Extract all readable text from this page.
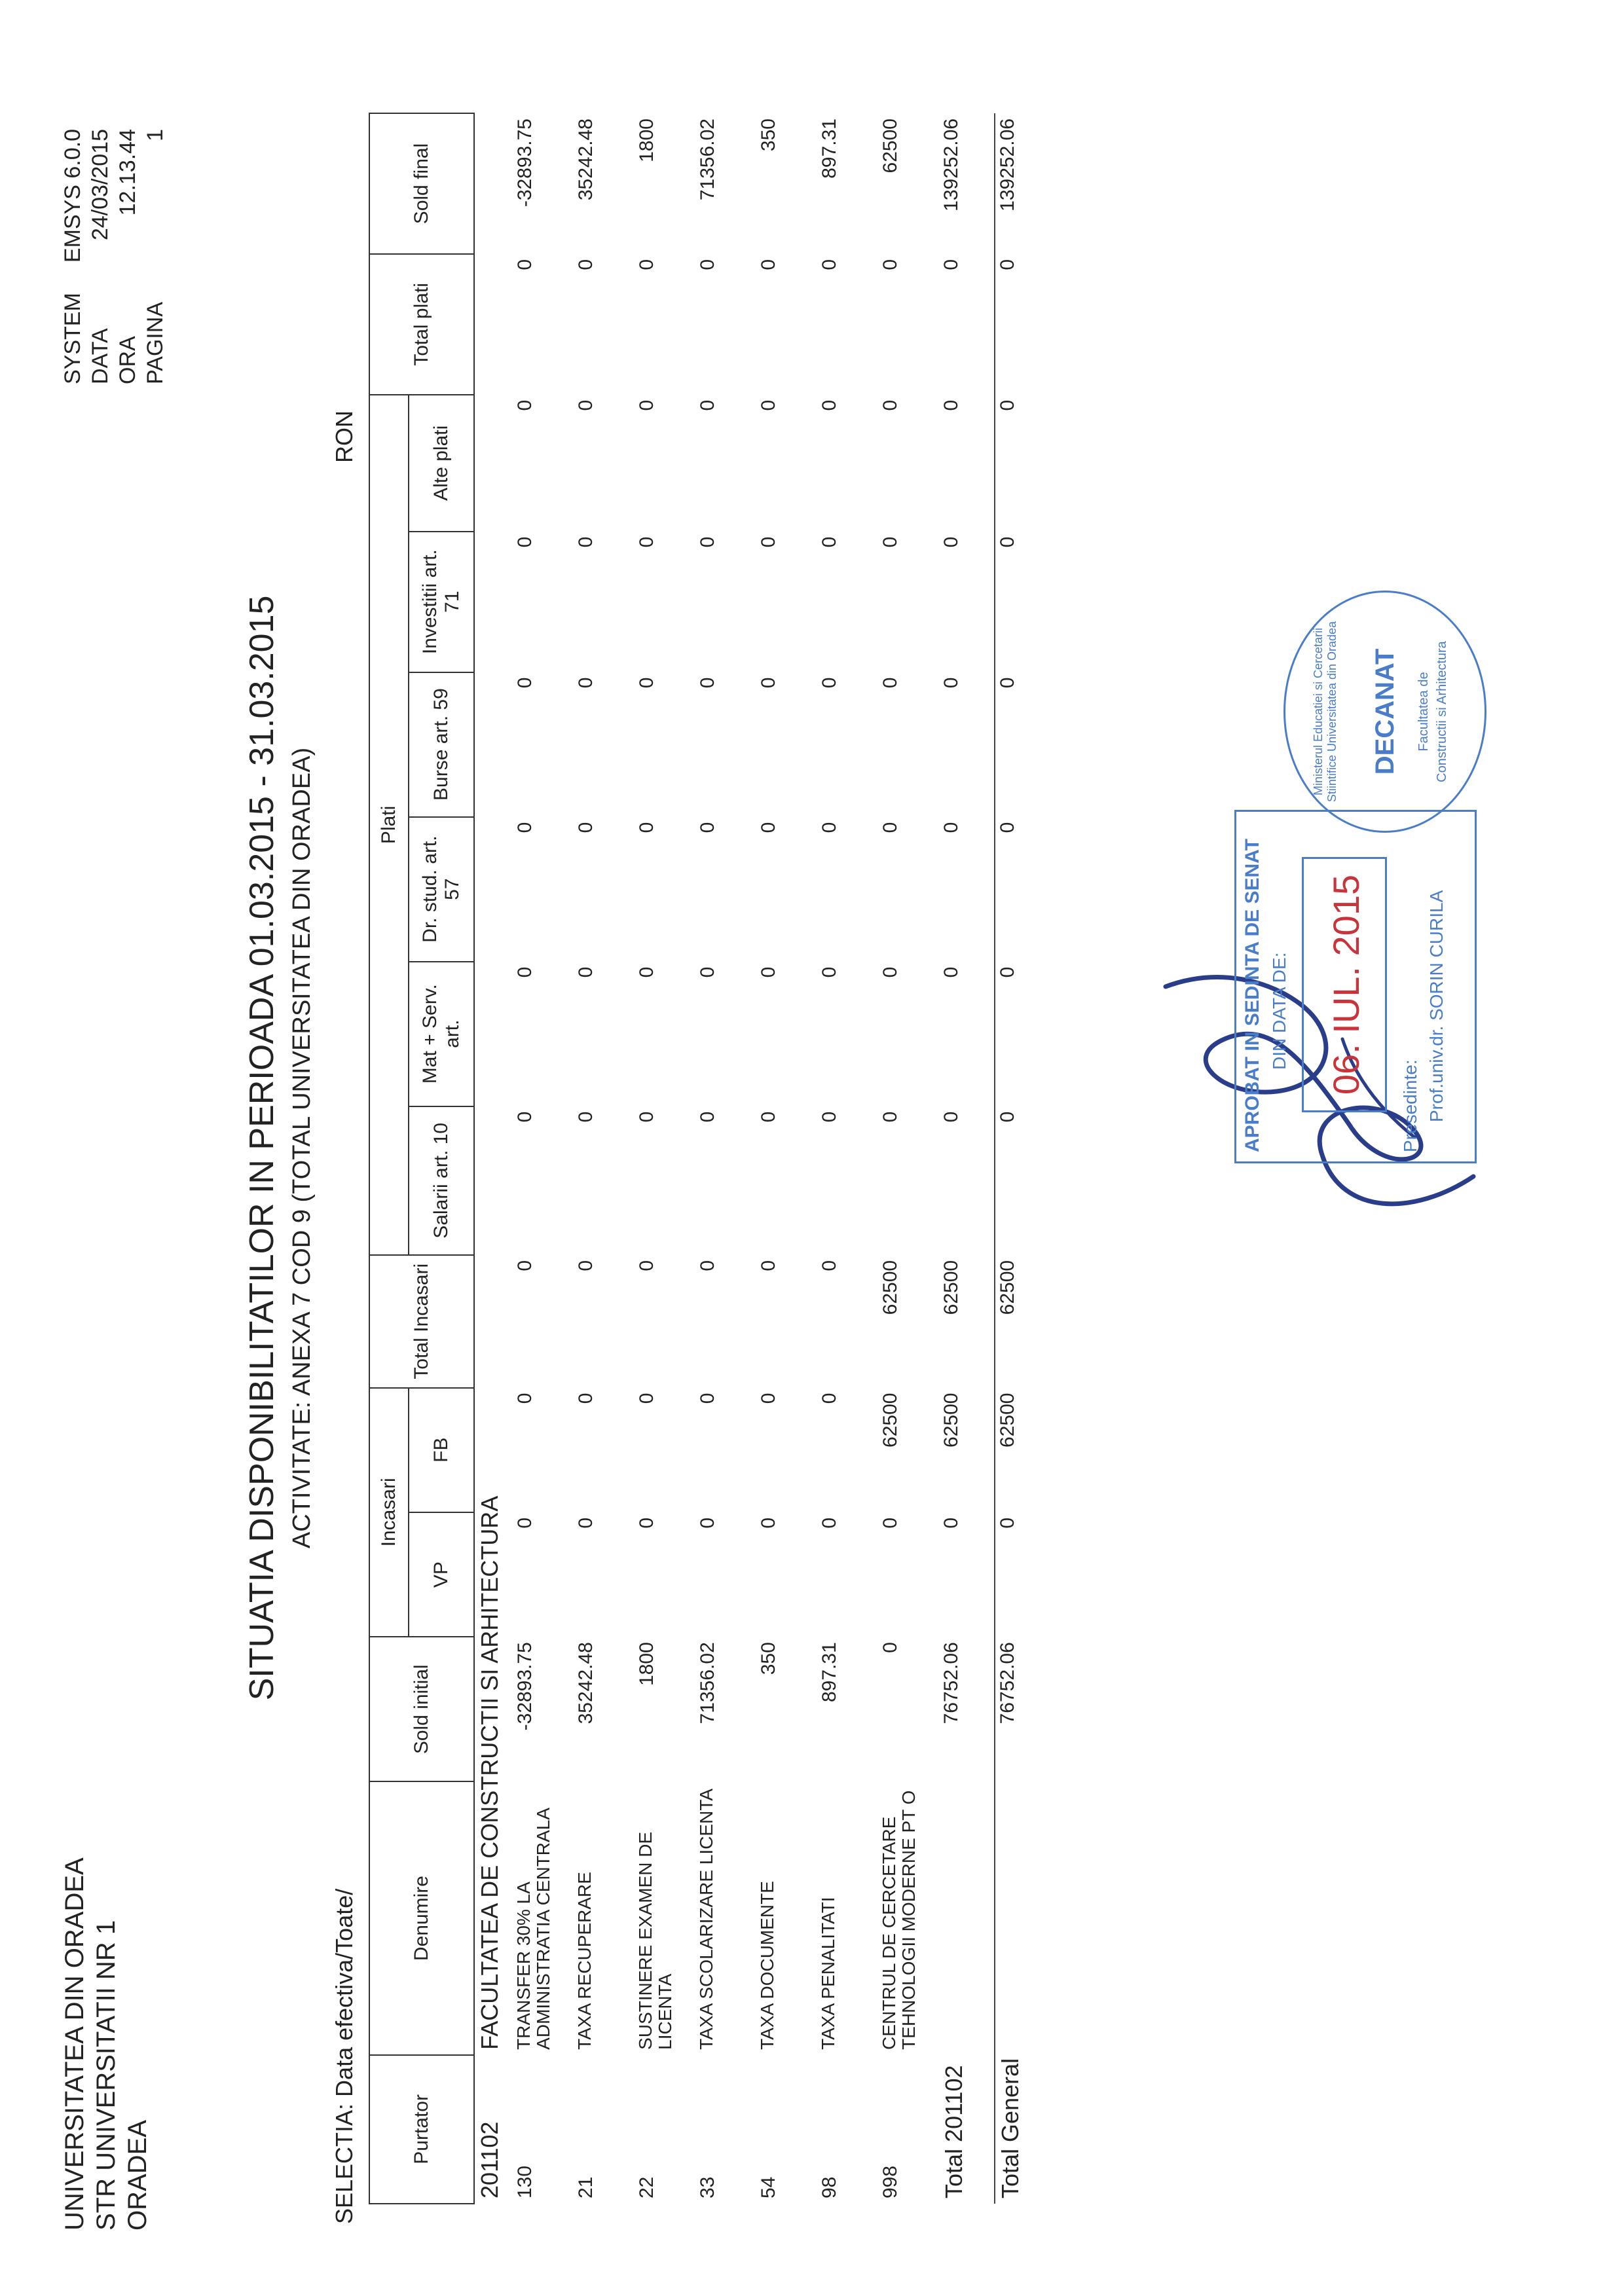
UNIVERSITATEA DIN ORADEA STR UNIVERSITATII NR 1 ORADEA
SYSTEM DATA ORA PAGINA
EMSYS 6.0.0 24/03/2015 12.13.44 1
SITUATIA DISPONIBILITATILOR IN PERIOADA 01.03.2015 - 31.03.2015 ACTIVITATE: ANEXA 7 COD 9 (TOTAL UNIVERSITATEA DIN ORADEA)
SELECTIA: Data efectiva/Toate/
RON
Purtator	Denumire	Sold initial	Incasari		Total Incasari	Plati						Total plati	Sold final
			VP	FB		Salarii art. 10	Mat + Serv. art.	Dr. stud. art. 57	Burse art. 59	Investitii art. 71	Alte plati		
201102	FACULTATEA DE CONSTRUCTII SI ARHITECTURA												
130	TRANSFER 30% LA ADMINISTRATIA CENTRALA	-32893.75	0	0	0	0	0	0	0	0	0	0	-32893.75
21	TAXA RECUPERARE	35242.48	0	0	0	0	0	0	0	0	0	0	35242.48
22	SUSTINERE EXAMEN DE LICENTA	1800	0	0	0	0	0	0	0	0	0	0	1800
33	TAXA SCOLARIZARE LICENTA	71356.02	0	0	0	0	0	0	0	0	0	0	71356.02
54	TAXA DOCUMENTE	350	0	0	0	0	0	0	0	0	0	0	350
98	TAXA PENALITATI	897.31	0	0	0	0	0	0	0	0	0	0	897.31
998	CENTRUL DE CERCETARE TEHNOLOGII MODERNE PT O	0	0	62500	62500	0	0	0	0	0	0	0	62500
Total 201102		76752.06	0	62500	62500	0	0	0	0	0	0	0	139252.06
Total General		76752.06	0	62500	62500	0	0	0	0	0	0	0	139252.06
Ministerul Educatiei si Cercetarii Stiintifice Universitatea din Oradea DECANAT Facultatea de Constructii si Arhitectura
APROBAT IN SEDINTA DE SENAT DIN DATA DE: 06. IUL. 2015
Presedinte: Prof.univ.dr. SORIN CURILA
